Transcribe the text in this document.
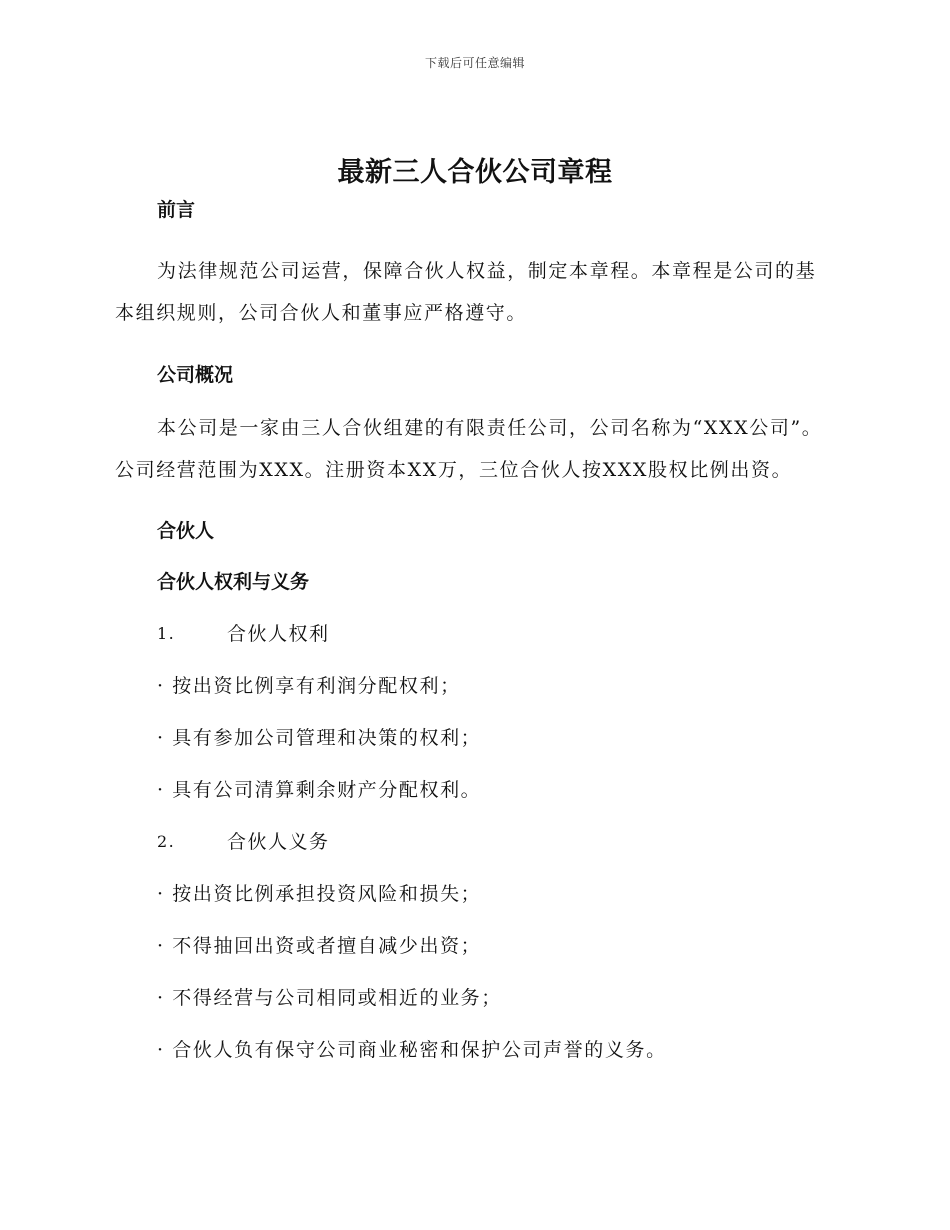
下载后可任意编辑
最新三人合伙公司章程
前言

为法律规范公司运营，保障合伙人权益，制定本章程。本章程是公司的基本组织规则，公司合伙人和董事应严格遵守。

公司概况

本公司是一家由三人合伙组建的有限责任公司，公司名称为“XXX公司”。公司经营范围为XXX。注册资本XX万，三位合伙人按XXX股权比例出资。

合伙人
合伙人权利与义务
1.	合伙人权利
· 按出资比例享有利润分配权利；
· 具有参加公司管理和决策的权利；
· 具有公司清算剩余财产分配权利。
2.	合伙人义务
· 按出资比例承担投资风险和损失；
· 不得抽回出资或者擅自减少出资；
· 不得经营与公司相同或相近的业务；
· 合伙人负有保守公司商业秘密和保护公司声誉的义务。
